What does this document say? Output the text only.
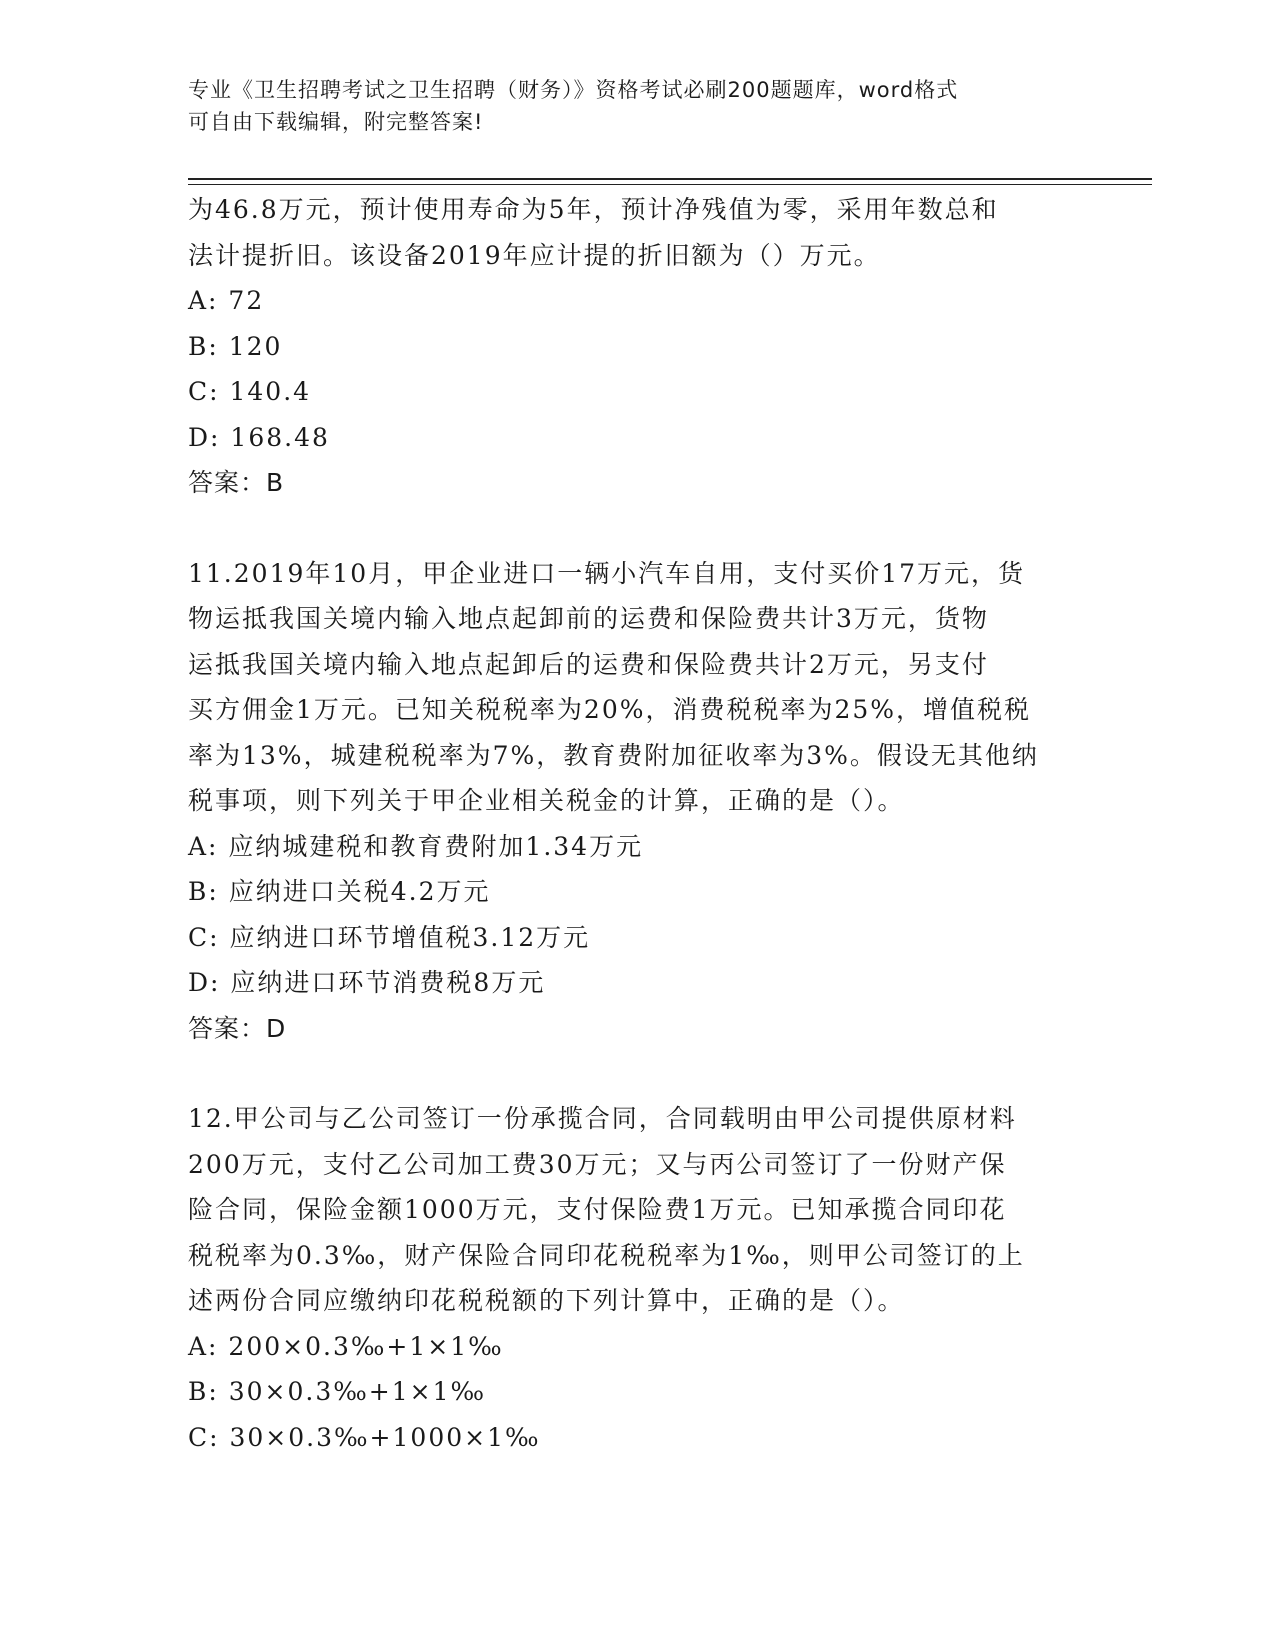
专业《卫生招聘考试之卫生招聘（财务）》资格考试必刷200题题库，word格式
可自由下载编辑，附完整答案!
为46.8万元，预计使用寿命为5年，预计净残值为零，采用年数总和
法计提折旧。该设备2019年应计提的折旧额为（）万元。
A: 72
B: 120
C: 140.4
D: 168.48
答案：B
11.2019年10月，甲企业进口一辆小汽车自用，支付买价17万元，货
物运抵我国关境内输入地点起卸前的运费和保险费共计3万元，货物
运抵我国关境内输入地点起卸后的运费和保险费共计2万元，另支付
买方佣金1万元。已知关税税率为20%，消费税税率为25%，增值税税
率为13%，城建税税率为7%，教育费附加征收率为3%。假设无其他纳
税事项，则下列关于甲企业相关税金的计算，正确的是（）。
A: 应纳城建税和教育费附加1.34万元
B: 应纳进口关税4.2万元
C: 应纳进口环节增值税3.12万元
D: 应纳进口环节消费税8万元
答案：D
12.甲公司与乙公司签订一份承揽合同，合同载明由甲公司提供原材料
200万元，支付乙公司加工费30万元；又与丙公司签订了一份财产保
险合同，保险金额1000万元，支付保险费1万元。已知承揽合同印花
税税率为0.3‰，财产保险合同印花税税率为1‰，则甲公司签订的上
述两份合同应缴纳印花税税额的下列计算中，正确的是（）。
A: 200×0.3‰+1×1‰
B: 30×0.3‰+1×1‰
C: 30×0.3‰+1000×1‰
